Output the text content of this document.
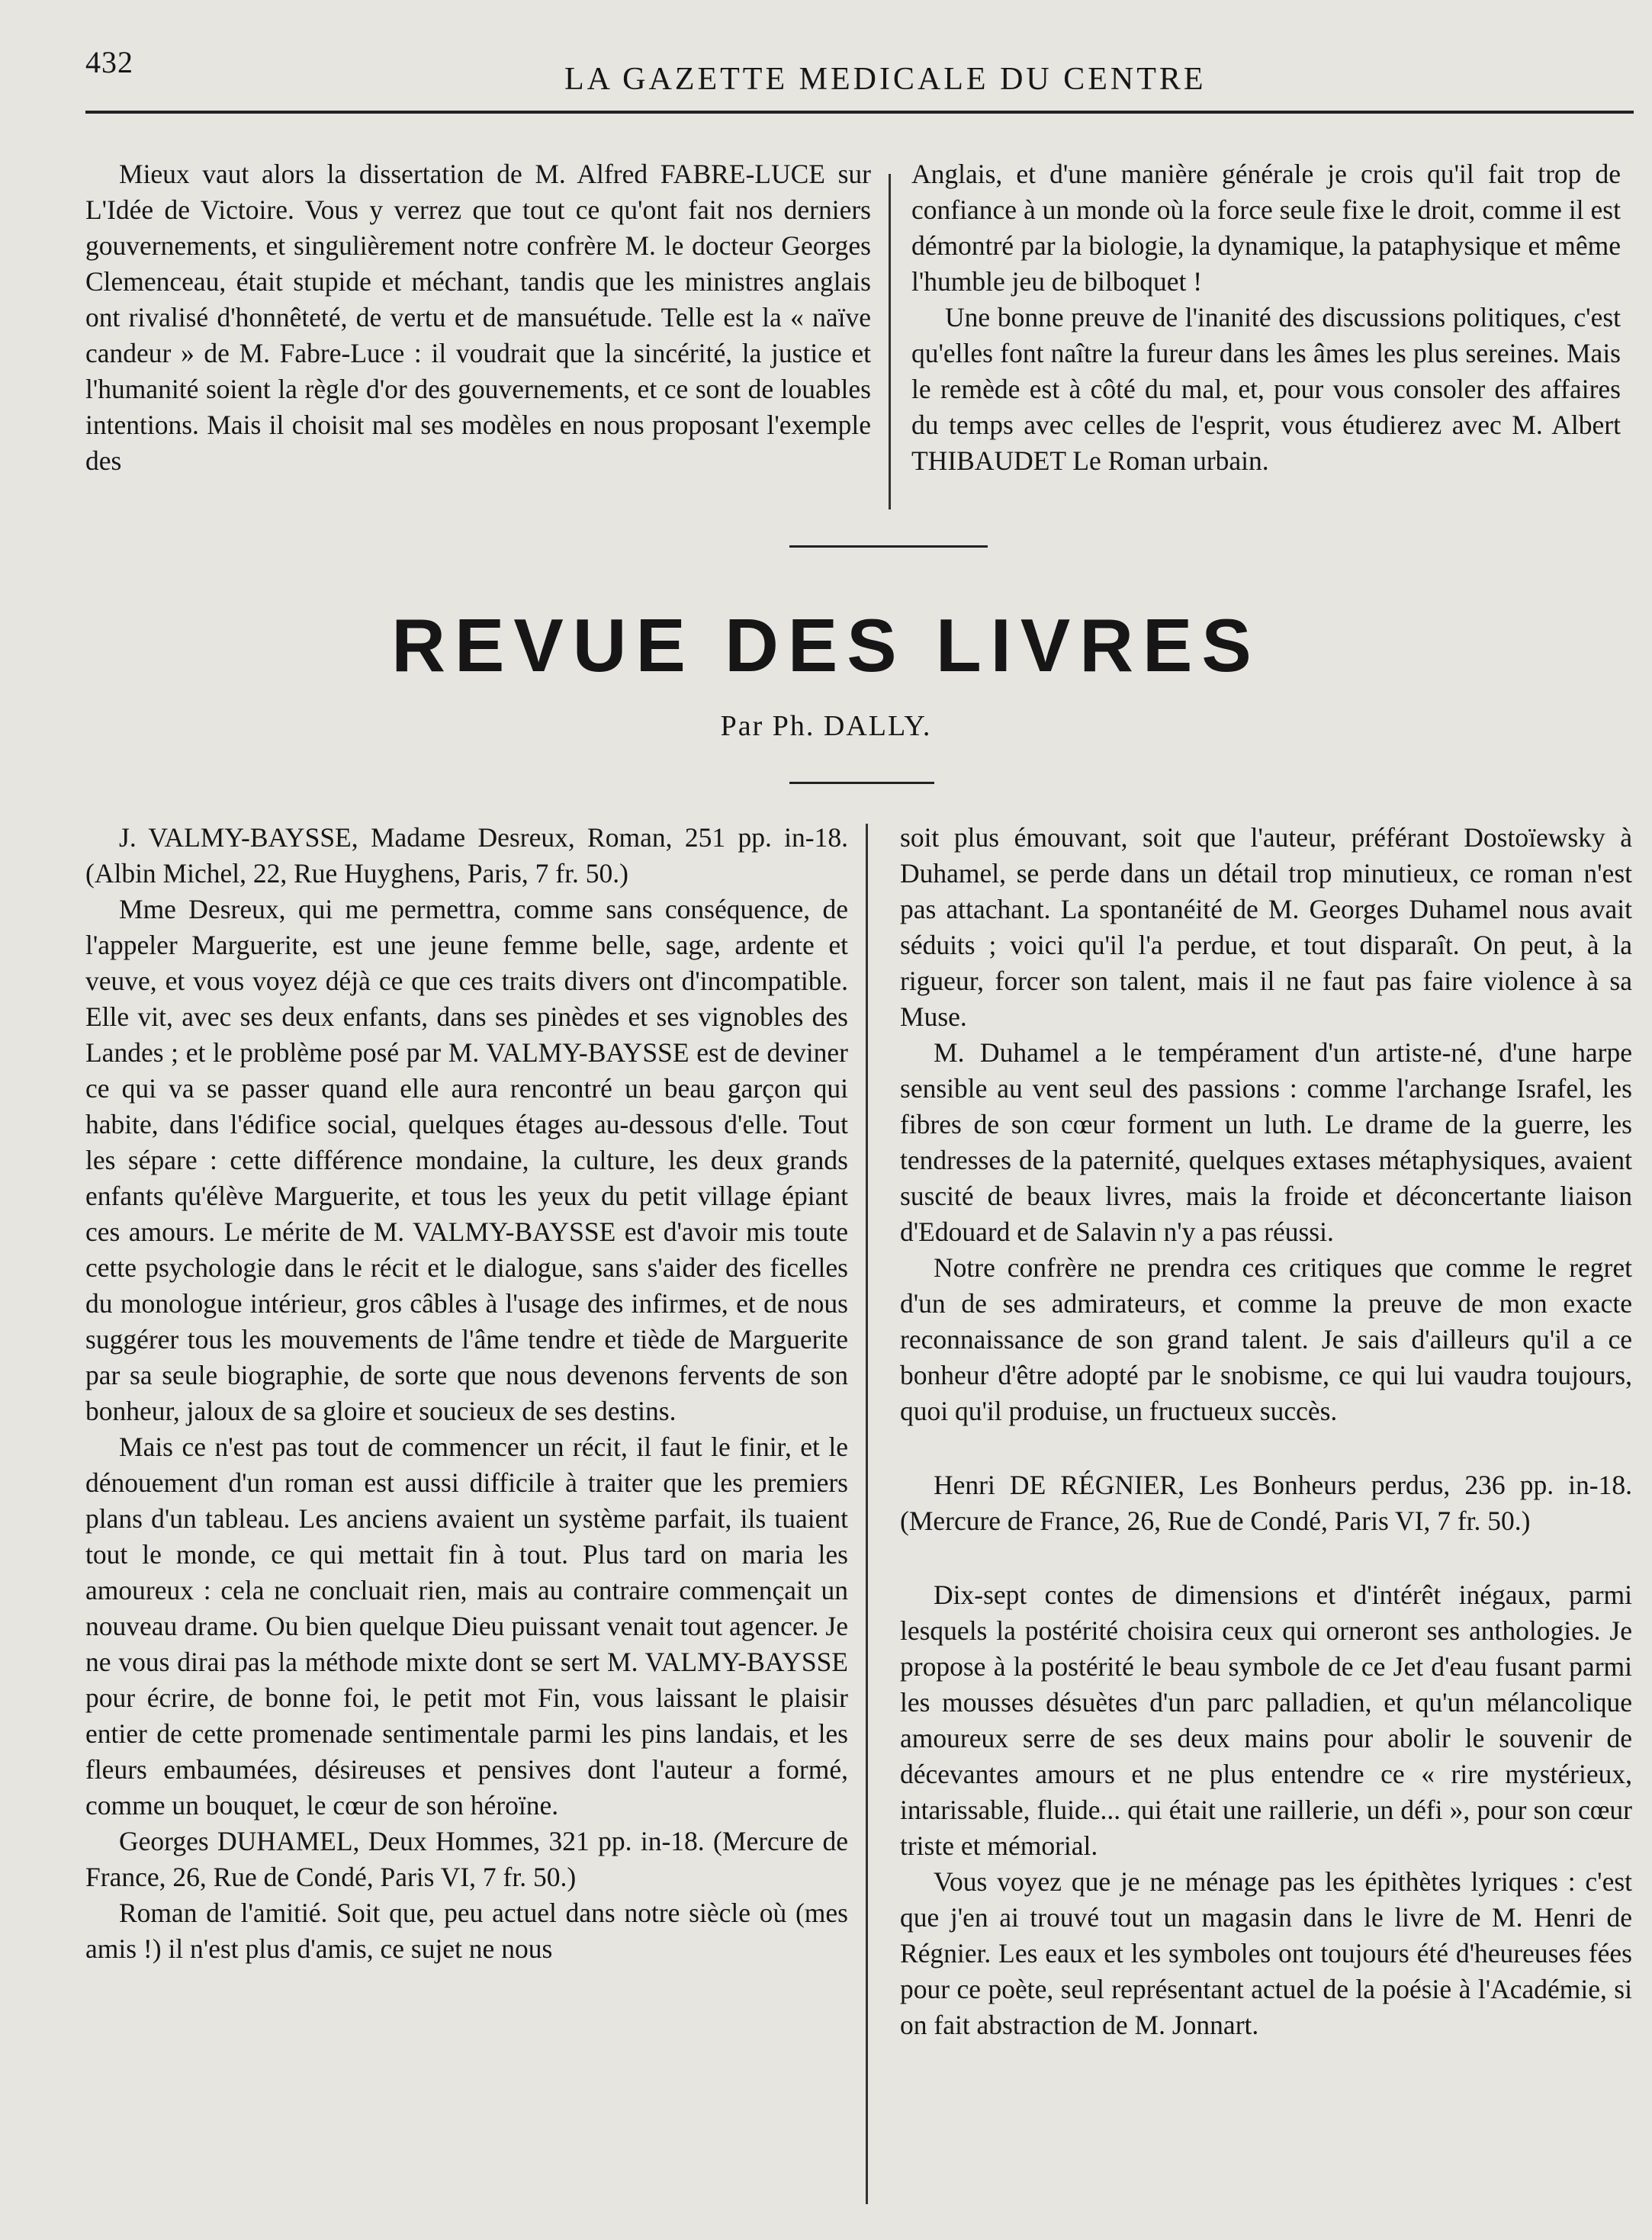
432	LA GAZETTE MEDICALE DU CENTRE

Mieux vaut alors la dissertation de M. Alfred FABRE-LUCE sur L'Idée de Victoire. Vous y verrez que tout ce qu'ont fait nos derniers gouvernements, et singulièrement notre confrère M. le docteur Georges Clemenceau, était stupide et méchant, tandis que les ministres anglais ont rivalisé d'honnêteté, de vertu et de mansuétude. Telle est la « naïve candeur » de M. Fabre-Luce : il voudrait que la sincérité, la justice et l'humanité soient la règle d'or des gouvernements, et ce sont de louables intentions. Mais il choisit mal ses modèles en nous proposant l'exemple des

Anglais, et d'une manière générale je crois qu'il fait trop de confiance à un monde où la force seule fixe le droit, comme il est démontré par la biologie, la dynamique, la pataphysique et même l'humble jeu de bilboquet !

Une bonne preuve de l'inanité des discussions politiques, c'est qu'elles font naître la fureur dans les âmes les plus sereines. Mais le remède est à côté du mal, et, pour vous consoler des affaires du temps avec celles de l'esprit, vous étudierez avec M. Albert THIBAUDET Le Roman urbain.

REVUE DES LIVRES
Par Ph. DALLY.

J. VALMY-BAYSSE, Madame Desreux, Roman, 251 pp. in-18. (Albin Michel, 22, Rue Huyghens, Paris, 7 fr. 50.)

Mme Desreux, qui me permettra, comme sans conséquence, de l'appeler Marguerite, est une jeune femme belle, sage, ardente et veuve, et vous voyez déjà ce que ces traits divers ont d'incompatible. Elle vit, avec ses deux enfants, dans ses pinèdes et ses vignobles des Landes ; et le problème posé par M. VALMY-BAYSSE est de deviner ce qui va se passer quand elle aura rencontré un beau garçon qui habite, dans l'édifice social, quelques étages au-dessous d'elle. Tout les sépare : cette différence mondaine, la culture, les deux grands enfants qu'élève Marguerite, et tous les yeux du petit village épiant ces amours. Le mérite de M. VALMY-BAYSSE est d'avoir mis toute cette psychologie dans le récit et le dialogue, sans s'aider des ficelles du monologue intérieur, gros câbles à l'usage des infirmes, et de nous suggérer tous les mouvements de l'âme tendre et tiède de Marguerite par sa seule biographie, de sorte que nous devenons fervents de son bonheur, jaloux de sa gloire et soucieux de ses destins.

Mais ce n'est pas tout de commencer un récit, il faut le finir, et le dénouement d'un roman est aussi difficile à traiter que les premiers plans d'un tableau. Les anciens avaient un système parfait, ils tuaient tout le monde, ce qui mettait fin à tout. Plus tard on maria les amoureux : cela ne concluait rien, mais au contraire commençait un nouveau drame. Ou bien quelque Dieu puissant venait tout agencer. Je ne vous dirai pas la méthode mixte dont se sert M. VALMY-BAYSSE pour écrire, de bonne foi, le petit mot Fin, vous laissant le plaisir entier de cette promenade sentimentale parmi les pins landais, et les fleurs embaumées, désireuses et pensives dont l'auteur a formé, comme un bouquet, le cœur de son héroïne.

Georges DUHAMEL, Deux Hommes, 321 pp. in-18. (Mercure de France, 26, Rue de Condé, Paris VI, 7 fr. 50.)

Roman de l'amitié. Soit que, peu actuel dans notre siècle où (mes amis !) il n'est plus d'amis, ce sujet ne nous

soit plus émouvant, soit que l'auteur, préférant Dostoïewsky à Duhamel, se perde dans un détail trop minutieux, ce roman n'est pas attachant. La spontanéité de M. Georges Duhamel nous avait séduits ; voici qu'il l'a perdue, et tout disparaît. On peut, à la rigueur, forcer son talent, mais il ne faut pas faire violence à sa Muse.

M. Duhamel a le tempérament d'un artiste-né, d'une harpe sensible au vent seul des passions : comme l'archange Israfel, les fibres de son cœur forment un luth. Le drame de la guerre, les tendresses de la paternité, quelques extases métaphysiques, avaient suscité de beaux livres, mais la froide et déconcertante liaison d'Edouard et de Salavin n'y a pas réussi.

Notre confrère ne prendra ces critiques que comme le regret d'un de ses admirateurs, et comme la preuve de mon exacte reconnaissance de son grand talent. Je sais d'ailleurs qu'il a ce bonheur d'être adopté par le snobisme, ce qui lui vaudra toujours, quoi qu'il produise, un fructueux succès.

Henri DE RÉGNIER, Les Bonheurs perdus, 236 pp. in-18. (Mercure de France, 26, Rue de Condé, Paris VI, 7 fr. 50.)

Dix-sept contes de dimensions et d'intérêt inégaux, parmi lesquels la postérité choisira ceux qui orneront ses anthologies. Je propose à la postérité le beau symbole de ce Jet d'eau fusant parmi les mousses désuètes d'un parc palladien, et qu'un mélancolique amoureux serre de ses deux mains pour abolir le souvenir de décevantes amours et ne plus entendre ce « rire mystérieux, intarissable, fluide... qui était une raillerie, un défi », pour son cœur triste et mémorial.

Vous voyez que je ne ménage pas les épithètes lyriques : c'est que j'en ai trouvé tout un magasin dans le livre de M. Henri de Régnier. Les eaux et les symboles ont toujours été d'heureuses fées pour ce poète, seul représentant actuel de la poésie à l'Académie, si on fait abstraction de M. Jonnart.
